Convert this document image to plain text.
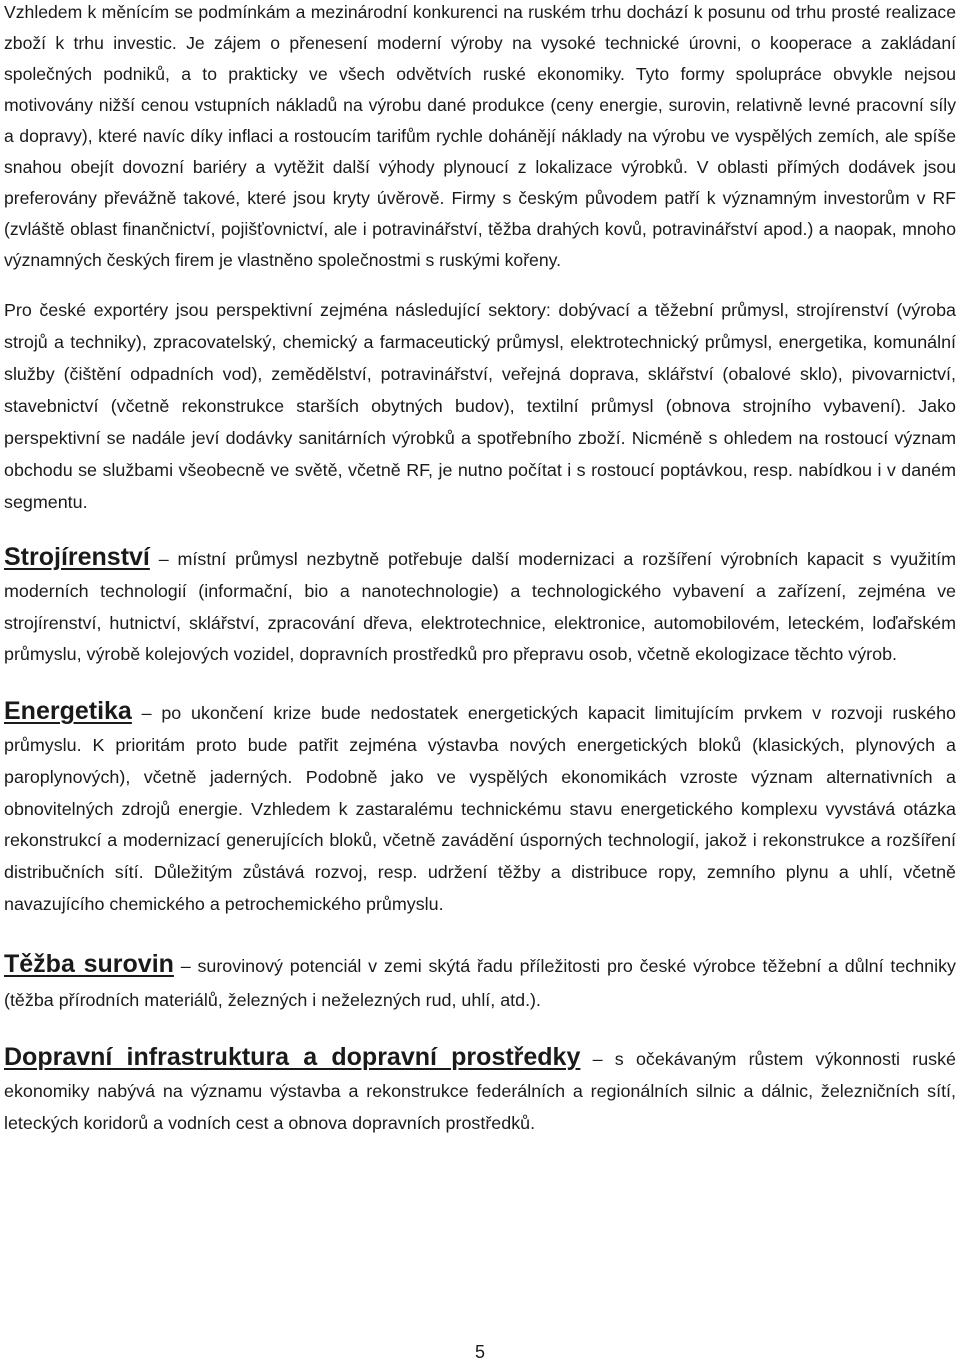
Vzhledem k měnícím se podmínkám a mezinárodní konkurenci na ruském trhu dochází k posunu od trhu prosté realizace zboží k trhu investic. Je zájem o přenesení moderní výroby na vysoké technické úrovni, o kooperace a zakládaní společných podniků, a to prakticky ve všech odvětvích ruské ekonomiky. Tyto formy spolupráce obvykle nejsou motivovány nižší cenou vstupních nákladů na výrobu dané produkce (ceny energie, surovin, relativně levné pracovní síly a dopravy), které navíc díky inflaci a rostoucím tarifům rychle dohánějí náklady na výrobu ve vyspělých zemích, ale spíše snahou obejít dovozní bariéry a vytěžit další výhody plynoucí z lokalizace výrobků. V oblasti přímých dodávek jsou preferovány převážně takové, které jsou kryty úvěrově. Firmy s českým původem patří k významným investorům v RF (zvláště oblast finančnictví, pojišťovnictví, ale i potravinářství, těžba drahých kovů, potravinářství apod.) a naopak, mnoho významných českých firem je vlastněno společnostmi s ruskými kořeny.

Pro české exportéry jsou perspektivní zejména následující sektory: dobývací a těžební průmysl, strojírenství (výroba strojů a techniky), zpracovatelský, chemický a farmaceutický průmysl, elektrotechnický průmysl, energetika, komunální služby (čištění odpadních vod), zemědělství, potravinářství, veřejná doprava, sklářství (obalové sklo), pivovarnictví, stavebnictví (včetně rekonstrukce starších obytných budov), textilní průmysl (obnova strojního vybavení). Jako perspektivní se nadále jeví dodávky sanitárních výrobků a spotřebního zboží. Nicméně s ohledem na rostoucí význam obchodu se službami všeobecně ve světě, včetně RF, je nutno počítat i s rostoucí poptávkou, resp. nabídkou i v daném segmentu.

Strojírenství – místní průmysl nezbytně potřebuje další modernizaci a rozšíření výrobních kapacit s využitím moderních technologií (informační, bio a nanotechnologie) a technologického vybavení a zařízení, zejména ve strojírenství, hutnictví, sklářství, zpracování dřeva, elektrotechnice, elektronice, automobilovém, leteckém, loďařském průmyslu, výrobě kolejových vozidel, dopravních prostředků pro přepravu osob, včetně ekologizace těchto výrob.

Energetika – po ukončení krize bude nedostatek energetických kapacit limitujícím prvkem v rozvoji ruského průmyslu. K prioritám proto bude patřit zejména výstavba nových energetických bloků (klasických, plynových a paroplynových), včetně jaderných. Podobně jako ve vyspělých ekonomikách vzroste význam alternativních a obnovitelných zdrojů energie. Vzhledem k zastaralému technickému stavu energetického komplexu vyvstává otázka rekonstrukcí a modernizací generujících bloků, včetně zavádění úsporných technologií, jakož i rekonstrukce a rozšíření distribučních sítí. Důležitým zůstává rozvoj, resp. udržení těžby a distribuce ropy, zemního plynu a uhlí, včetně navazujícího chemického a petrochemického průmyslu.

Těžba surovin – surovinový potenciál v zemi skýtá řadu příležitosti pro české výrobce těžební a důlní techniky (těžba přírodních materiálů, železných i neželezných rud, uhlí, atd.).

Dopravní infrastruktura a dopravní prostředky – s očekávaným růstem výkonnosti ruské ekonomiky nabývá na významu výstavba a rekonstrukce federálních a regionálních silnic a dálnic, železničních sítí, leteckých koridorů a vodních cest a obnova dopravních prostředků.

5
